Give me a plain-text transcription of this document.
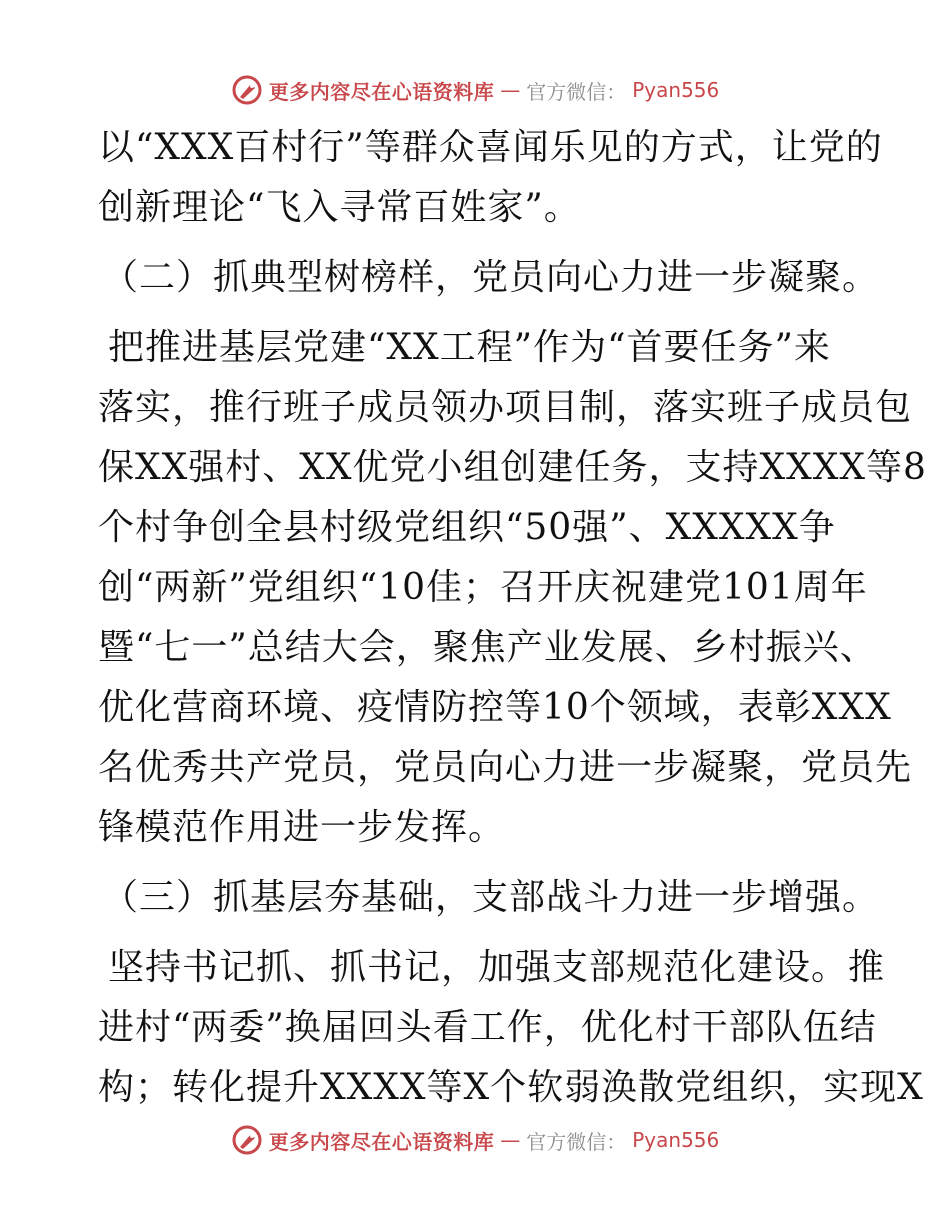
更多内容尽在心语资料库 — 官方微信： Pyan556
以“XXX百村行”等群众喜闻乐见的方式，让党的
创新理论“飞入寻常百姓家”。
（二）抓典型树榜样，党员向心力进一步凝聚。
把推进基层党建“XX工程”作为“首要任务”来
落实，推行班子成员领办项目制，落实班子成员包
保XX强村、XX优党小组创建任务，支持XXXX等8
个村争创全县村级党组织“50强”、XXXXX争
创“两新”党组织“10佳；召开庆祝建党101周年
暨“七一”总结大会，聚焦产业发展、乡村振兴、
优化营商环境、疫情防控等10个领域，表彰XXX
名优秀共产党员，党员向心力进一步凝聚，党员先
锋模范作用进一步发挥。
（三）抓基层夯基础，支部战斗力进一步增强。
坚持书记抓、抓书记，加强支部规范化建设。推
进村“两委”换届回头看工作，优化村干部队伍结
构；转化提升XXXX等X个软弱涣散党组织，实现X
更多内容尽在心语资料库 — 官方微信： Pyan556
